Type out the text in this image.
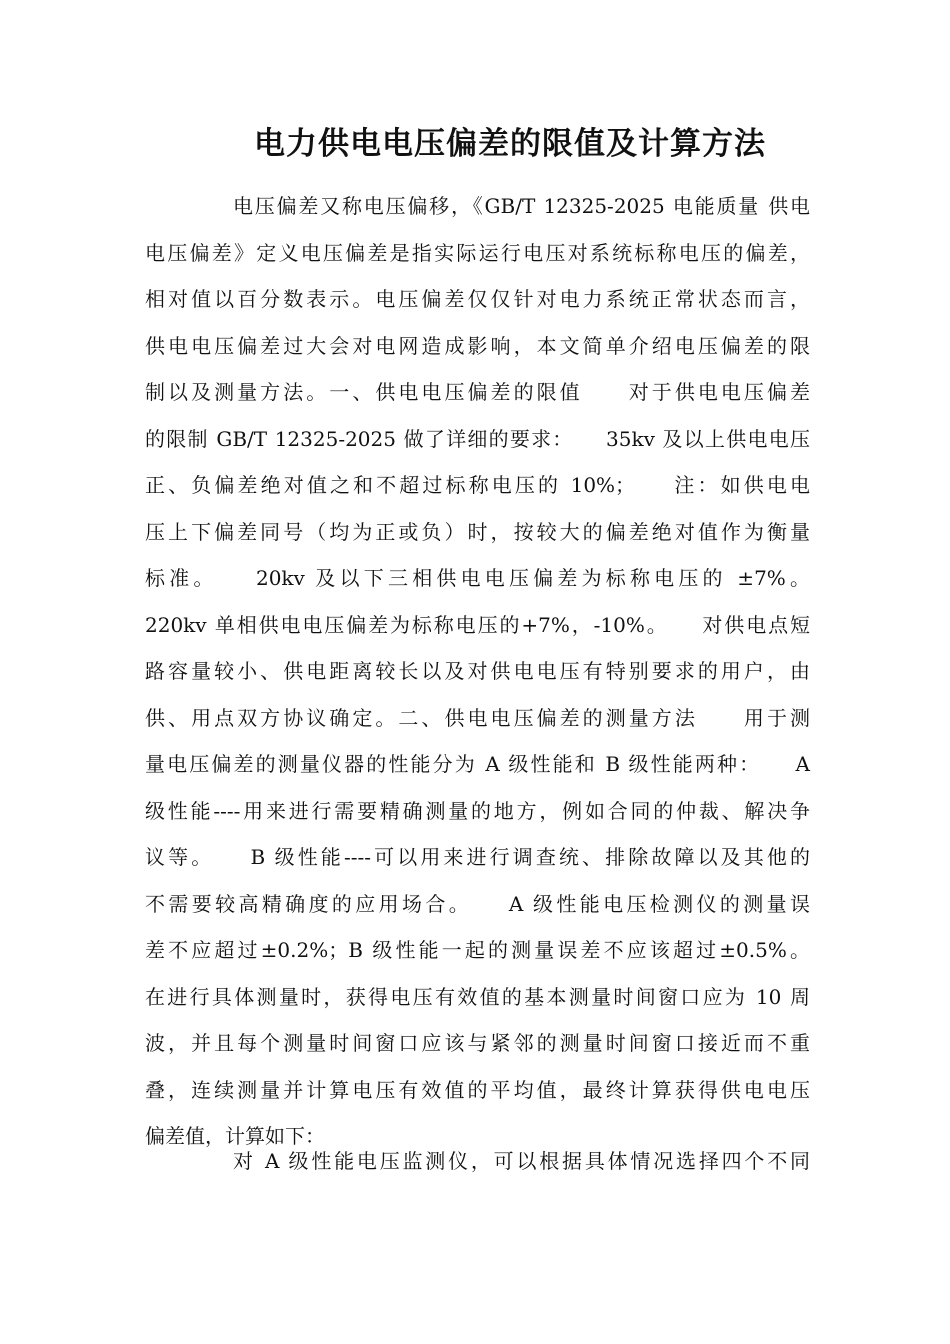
电力供电电压偏差的限值及计算方法
电压偏差又称电压偏移，《GB/T 12325-2025 电能质量 供电
电压偏差》定义电压偏差是指实际运行电压对系统标称电压的偏差，
相对值以百分数表示。电压偏差仅仅针对电力系统正常状态而言，
供电电压偏差过大会对电网造成影响，本文简单介绍电压偏差的限
制以及测量方法。一、供电电压偏差的限值　　对于供电电压偏差
的限制 GB/T 12325-2025 做了详细的要求：　　35kv 及以上供电电压
正、负偏差绝对值之和不超过标称电压的 10%；　　注：如供电电
压上下偏差同号（均为正或负）时，按较大的偏差绝对值作为衡量
标准。　　20kv 及以下三相供电电压偏差为标称电压的 ±7%。
220kv 单相供电电压偏差为标称电压的+7%，-10%。　　对供电点短
路容量较小、供电距离较长以及对供电电压有特别要求的用户，由
供、用点双方协议确定。二、供电电压偏差的测量方法　　用于测
量电压偏差的测量仪器的性能分为 A 级性能和 B 级性能两种：　　A
级性能----用来进行需要精确测量的地方，例如合同的仲裁、解决争
议等。　　B 级性能----可以用来进行调查统、排除故障以及其他的
不需要较高精确度的应用场合。　　A 级性能电压检测仪的测量误
差不应超过±0.2%；B 级性能一起的测量误差不应该超过±0.5%。
在进行具体测量时，获得电压有效值的基本测量时间窗口应为 10 周
波，并且每个测量时间窗口应该与紧邻的测量时间窗口接近而不重
叠，连续测量并计算电压有效值的平均值，最终计算获得供电电压
偏差值，计算如下：
对 A 级性能电压监测仪，可以根据具体情况选择四个不同
